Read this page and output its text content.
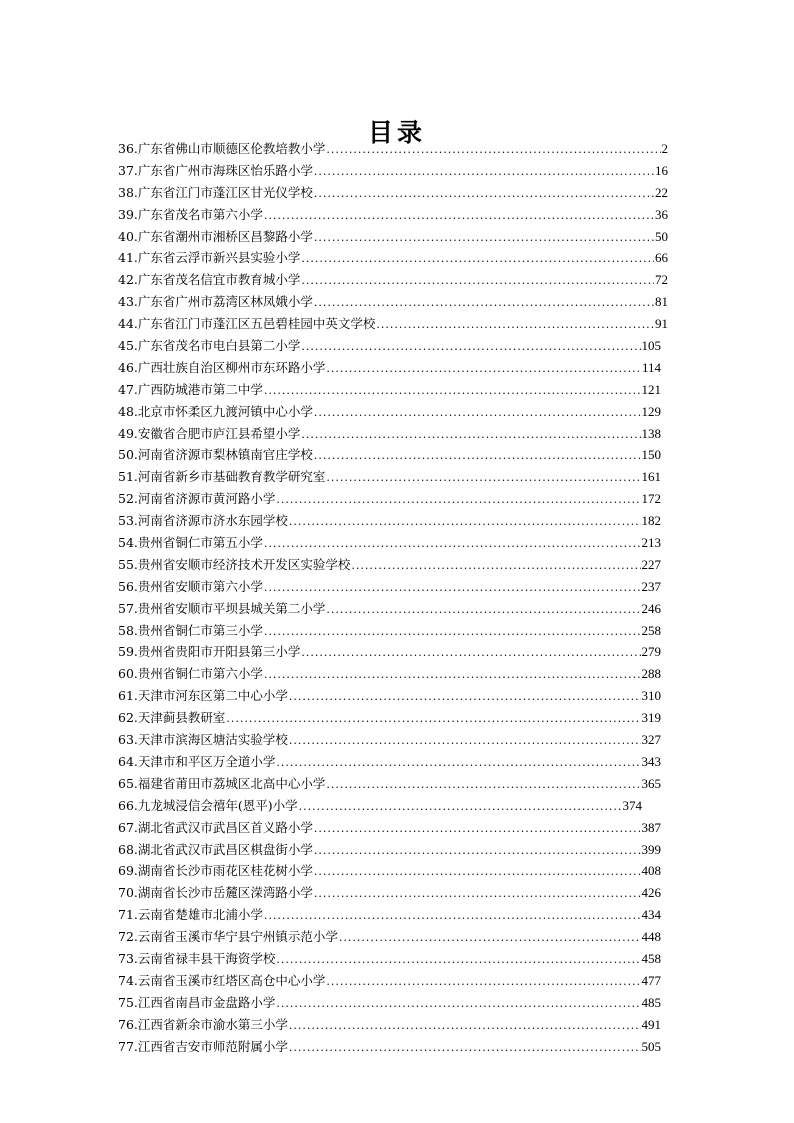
目录
36.广东省佛山市顺德区伦教培教小学 .....	2
37.广东省广州市海珠区怡乐路小学 .....	16
38.广东省江门市蓬江区甘光仪学校 .....	22
39.广东省茂名市第六小学 .....	36
40.广东省潮州市湘桥区昌黎路小学 .....	50
41.广东省云浮市新兴县实验小学 .....	66
42.广东省茂名信宜市教育城小学 .....	72
43.广东省广州市荔湾区林凤娥小学 .....	81
44.广东省江门市蓬江区五邑碧桂园中英文学校 .....	91
45.广东省茂名市电白县第二小学 .....	105
46.广西壮族自治区柳州市东环路小学 .....	114
47.广西防城港市第二中学 .....	121
48.北京市怀柔区九渡河镇中心小学 .....	129
49.安徽省合肥市庐江县希望小学 .....	138
50.河南省济源市梨林镇南官庄学校 .....	150
51.河南省新乡市基础教育教学研究室 .....	161
52.河南省济源市黄河路小学 .....	172
53.河南省济源市济水东园学校 .....	182
54.贵州省铜仁市第五小学 .....	213
55.贵州省安顺市经济技术开发区实验学校 .....	227
56.贵州省安顺市第六小学 .....	237
57.贵州省安顺市平坝县城关第二小学 .....	246
58.贵州省铜仁市第三小学 .....	258
59.贵州省贵阳市开阳县第三小学 .....	279
60.贵州省铜仁市第六小学 .....	288
61.天津市河东区第二中心小学 .....	310
62.天津蓟县教研室 .....	319
63.天津市滨海区塘沽实验学校 .....	327
64.天津市和平区万全道小学 .....	343
65.福建省莆田市荔城区北高中心小学 .....	365
66.九龙城浸信会禧年(恩平)小学 .....	374
67.湖北省武汉市武昌区首义路小学 .....	387
68.湖北省武汉市武昌区棋盘街小学 .....	399
69.湖南省长沙市雨花区桂花树小学 .....	408
70.湖南省长沙市岳麓区溁湾路小学 .....	426
71.云南省楚雄市北浦小学 .....	434
72.云南省玉溪市华宁县宁州镇示范小学 .....	448
73.云南省禄丰县干海资学校 .....	458
74.云南省玉溪市红塔区高仓中心小学 .....	477
75.江西省南昌市金盘路小学 .....	485
76.江西省新余市渝水第三小学 .....	491
77.江西省吉安市师范附属小学 .....	505
